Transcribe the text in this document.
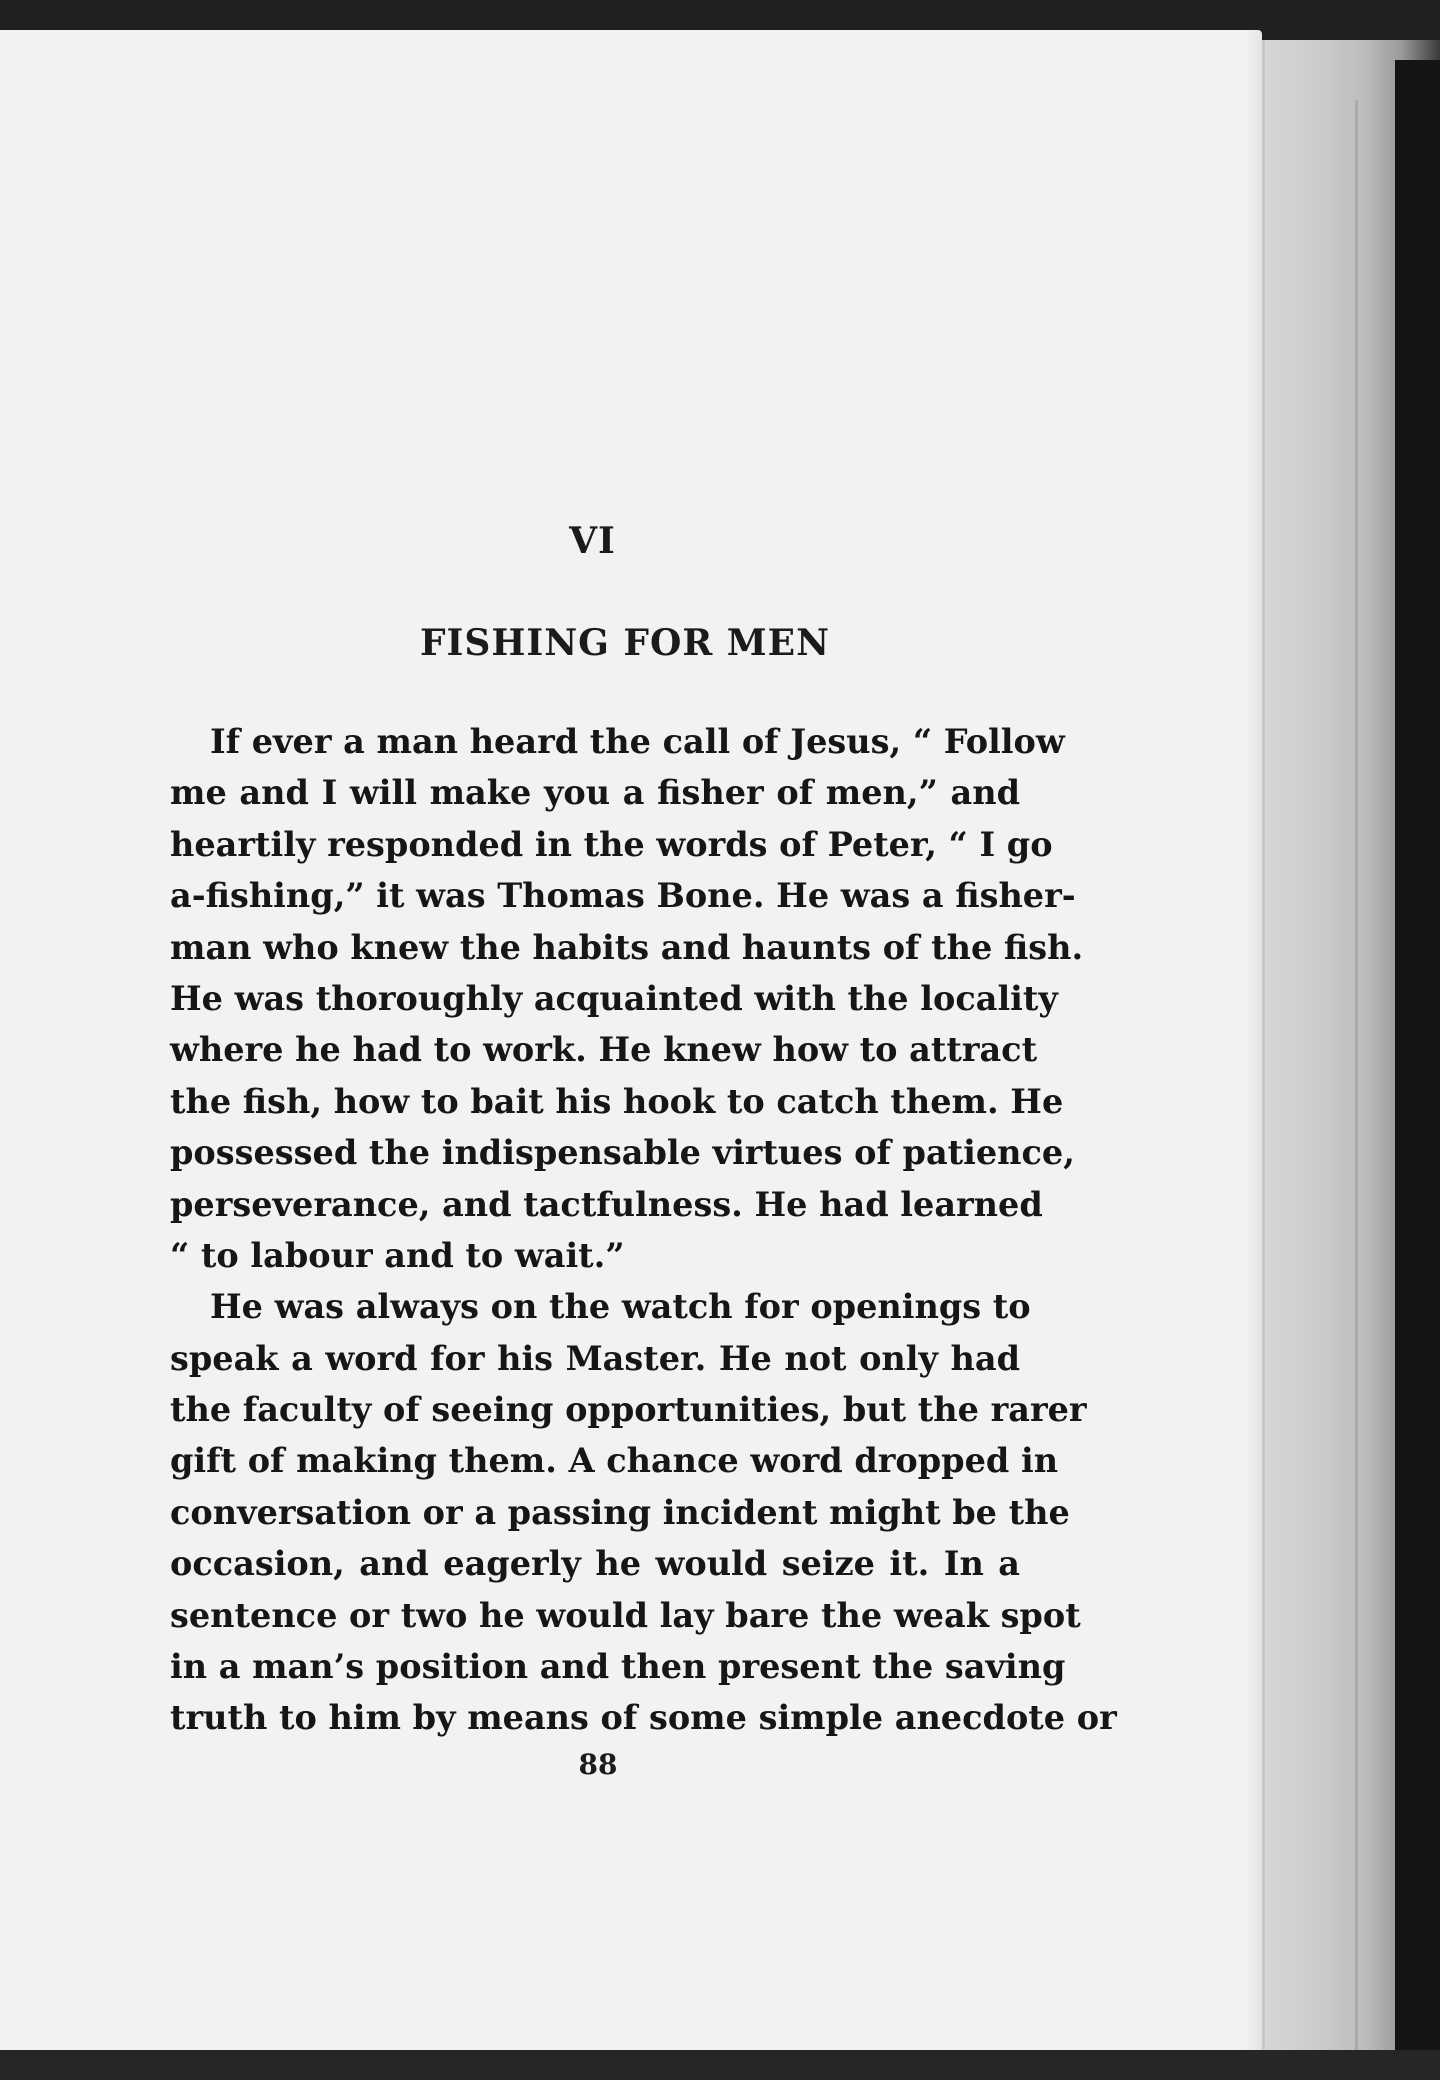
VI
FISHING FOR MEN
If ever a man heard the call of Jesus, “ Follow
me and I will make you a fisher of men,” and
heartily responded in the words of Peter, “ I go
a-fishing,” it was Thomas Bone. He was a fisher-
man who knew the habits and haunts of the fish.
He was thoroughly acquainted with the locality
where he had to work. He knew how to attract
the fish, how to bait his hook to catch them. He
possessed the indispensable virtues of patience,
perseverance, and tactfulness. He had learned
“ to labour and to wait.”
He was always on the watch for openings to
speak a word for his Master. He not only had
the faculty of seeing opportunities, but the rarer
gift of making them. A chance word dropped in
conversation or a passing incident might be the
occasion, and eagerly he would seize it. In a
sentence or two he would lay bare the weak spot
in a man’s position and then present the saving
truth to him by means of some simple anecdote or
88
